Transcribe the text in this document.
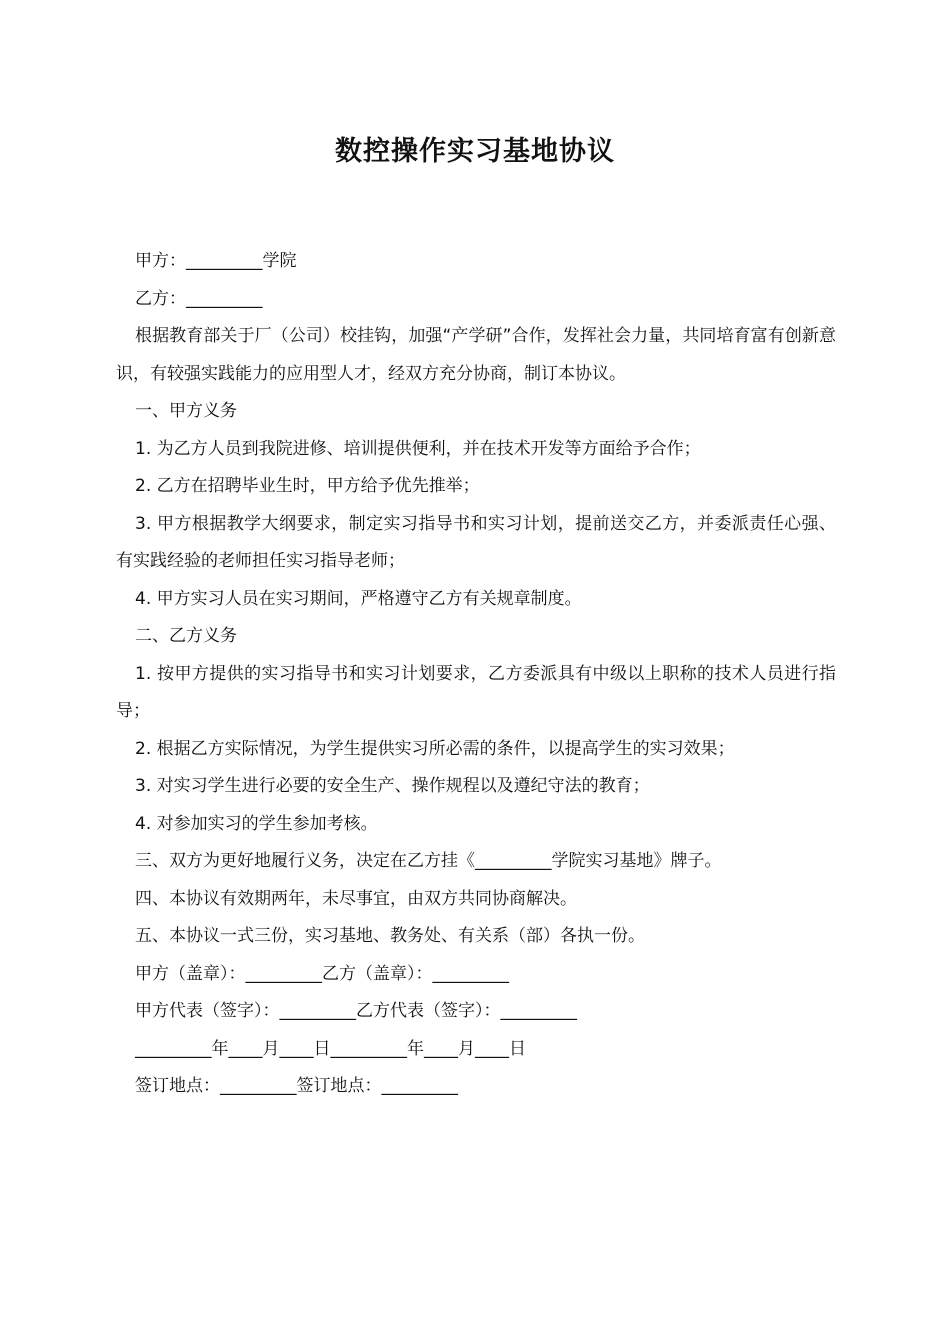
数控操作实习基地协议

甲方：_________学院

乙方：_________

根据教育部关于厂（公司）校挂钩，加强“产学研”合作，发挥社会力量，共同培育富有创新意识，有较强实践能力的应用型人才，经双方充分协商，制订本协议。

一、甲方义务

1. 为乙方人员到我院进修、培训提供便利，并在技术开发等方面给予合作；

2. 乙方在招聘毕业生时，甲方给予优先推举；

3. 甲方根据教学大纲要求，制定实习指导书和实习计划，提前送交乙方，并委派责任心强、有实践经验的老师担任实习指导老师；

4. 甲方实习人员在实习期间，严格遵守乙方有关规章制度。

二、乙方义务

1. 按甲方提供的实习指导书和实习计划要求，乙方委派具有中级以上职称的技术人员进行指导；

2. 根据乙方实际情况，为学生提供实习所必需的条件，以提高学生的实习效果；

3. 对实习学生进行必要的安全生产、操作规程以及遵纪守法的教育；

4. 对参加实习的学生参加考核。

三、双方为更好地履行义务，决定在乙方挂《_________学院实习基地》牌子。

四、本协议有效期两年，未尽事宜，由双方共同协商解决。

五、本协议一式三份，实习基地、教务处、有关系（部）各执一份。

甲方（盖章）：_________乙方（盖章）：_________

甲方代表（签字）：_________乙方代表（签字）：_________

_________年____月____日_________年____月____日

签订地点：_________签订地点：_________
